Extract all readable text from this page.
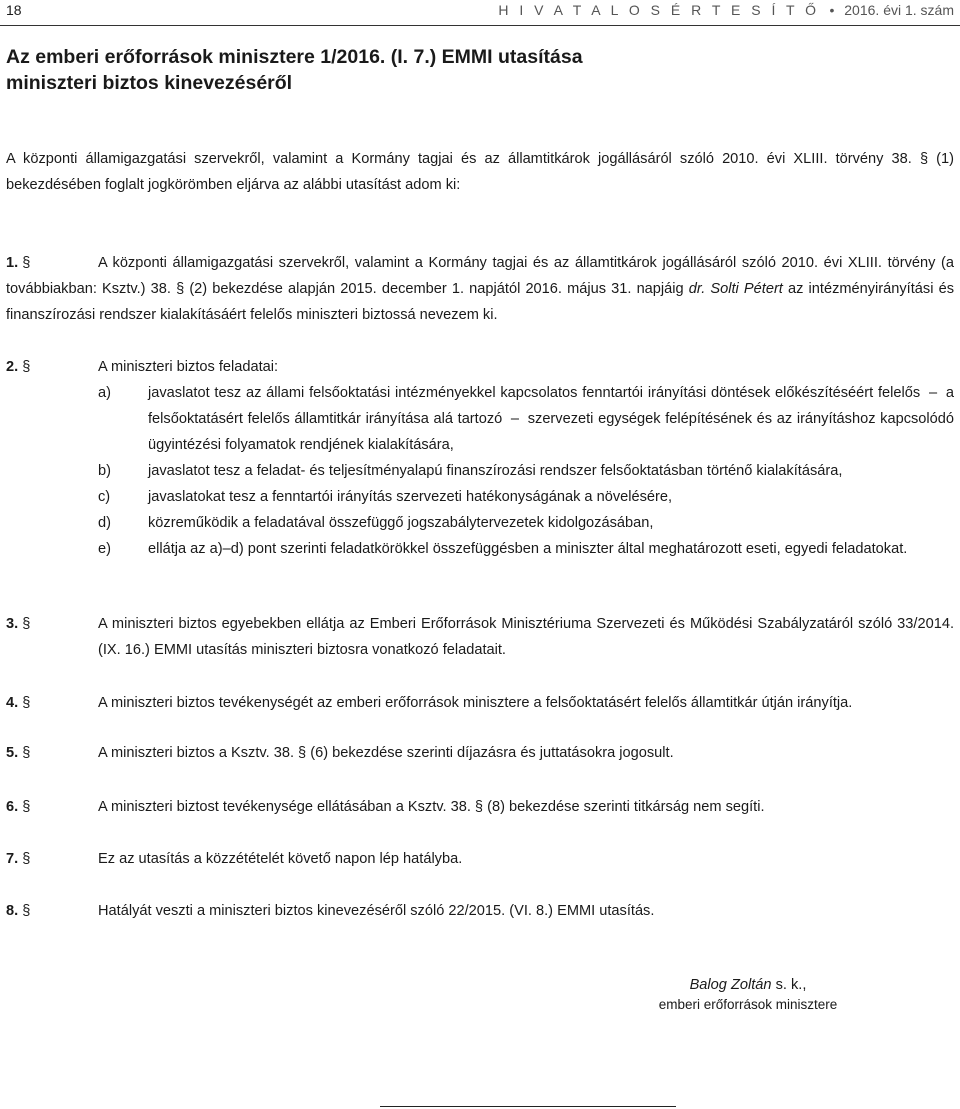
18	H I V A T A L O S É R T E S Í T Ő • 2016. évi 1. szám
Az emberi erőforrások minisztere 1/2016. (I. 7.) EMMI utasítása
miniszteri biztos kinevezéséről
A központi államigazgatási szervekről, valamint a Kormány tagjai és az államtitkárok jogállásáról szóló 2010. évi XLIII. törvény 38. § (1) bekezdésében foglalt jogkörömben eljárva az alábbi utasítást adom ki:
1. §	A központi államigazgatási szervekről, valamint a Kormány tagjai és az államtitkárok jogállásáról szóló 2010. évi XLIII. törvény (a továbbiakban: Ksztv.) 38. § (2) bekezdése alapján 2015. december 1. napjától 2016. május 31. napjáig dr. Solti Pétert az intézményirányítási és finanszírozási rendszer kialakításáért felelős miniszteri biztossá nevezem ki.
2. §	A miniszteri biztos feladatai:
a)	javaslatot tesz az állami felsőoktatási intézményekkel kapcsolatos fenntartói irányítási döntések előkészítéséért felelős – a felsőoktatásért felelős államtitkár irányítása alá tartozó – szervezeti egységek felépítésének és az irányításhoz kapcsolódó ügyintézési folyamatok rendjének kialakítására,
b)	javaslatot tesz a feladat- és teljesítményalapú finanszírozási rendszer felsőoktatásban történő kialakítására,
c)	javaslatokat tesz a fenntartói irányítás szervezeti hatékonyságának a növelésére,
d)	közreműködik a feladatával összefüggő jogszabálytervezetek kidolgozásában,
e)	ellátja az a)–d) pont szerinti feladatkörökkel összefüggésben a miniszter által meghatározott eseti, egyedi feladatokat.
3. §	A miniszteri biztos egyebekben ellátja az Emberi Erőforrások Minisztériuma Szervezeti és Működési Szabályzatáról szóló 33/2014. (IX. 16.) EMMI utasítás miniszteri biztosra vonatkozó feladatait.
4. §	A miniszteri biztos tevékenységét az emberi erőforrások minisztere a felsőoktatásért felelős államtitkár útján irányítja.
5. §	A miniszteri biztos a Ksztv. 38. § (6) bekezdése szerinti díjazásra és juttatásokra jogosult.
6. §	A miniszteri biztost tevékenysége ellátásában a Ksztv. 38. § (8) bekezdése szerinti titkárság nem segíti.
7. §	Ez az utasítás a közzétételét követő napon lép hatályba.
8. §	Hatályát veszti a miniszteri biztos kinevezéséről szóló 22/2015. (VI. 8.) EMMI utasítás.
Balog Zoltán s. k.,
emberi erőforrások minisztere
